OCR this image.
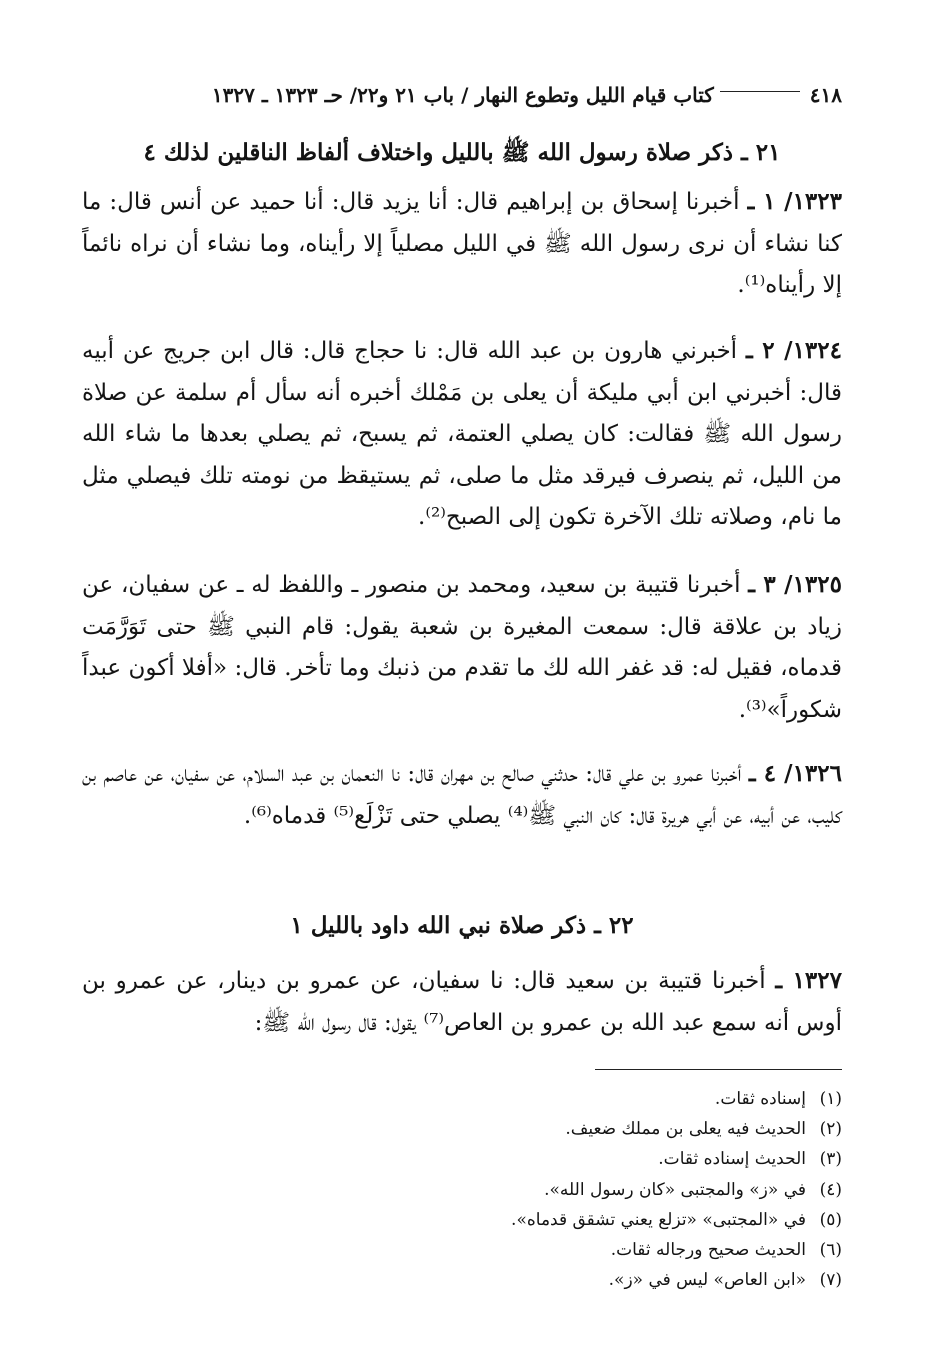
٤١٨
كتاب قيام الليل وتطوع النهار / باب ٢١ و٢٢/ حـ ١٣٢٣ ـ ١٣٢٧
٢١ ـ ذكر صلاة رسول الله ﷺ بالليل واختلاف ألفاظ الناقلين لذلك ٤
١٣٢٣/ ١ ـ أخبرنا إسحاق بن إبراهيم قال: أنا يزيد قال: أنا حميد عن أنس قال: ما كنا نشاء أن نرى رسول الله ﷺ في الليل مصلياً إلا رأيناه، وما نشاء أن نراه نائماً إلا رأيناه⁽¹⁾.
١٣٢٤/ ٢ ـ أخبرني هارون بن عبد الله قال: نا حجاج قال: قال ابن جريج عن أبيه قال: أخبرني ابن أبي مليكة أن يعلى بن مَمْلك أخبره أنه سأل أم سلمة عن صلاة رسول الله ﷺ فقالت: كان يصلي العتمة، ثم يسبح، ثم يصلي بعدها ما شاء الله من الليل، ثم ينصرف فيرقد مثل ما صلى، ثم يستيقظ من نومته تلك فيصلي مثل ما نام، وصلاته تلك الآخرة تكون إلى الصبح⁽²⁾.
١٣٢٥/ ٣ ـ أخبرنا قتيبة بن سعيد، ومحمد بن منصور ـ واللفظ له ـ عن سفيان، عن زياد بن علاقة قال: سمعت المغيرة بن شعبة يقول: قام النبي ﷺ حتى تَوَرَّمَت قدماه، فقيل له: قد غفر الله لك ما تقدم من ذنبك وما تأخر. قال: «أفلا أكون عبداً شكوراً»⁽³⁾.
١٣٢٦/ ٤ ـ أخبرنا عمرو بن علي قال: حدثني صالح بن مهران قال: نا النعمان بن عبد السلام، عن سفيان، عن عاصم بن كليب، عن أبيه، عن أبي هريرة قال: كان النبي ﷺ⁽⁴⁾ يصلي حتى تَزْلَع⁽⁵⁾ قدماه⁽⁶⁾.
٢٢ ـ ذكر صلاة نبي الله داود بالليل ١
١٣٢٧ ـ أخبرنا قتيبة بن سعيد قال: نا سفيان، عن عمرو بن دينار، عن عمرو بن أوس أنه سمع عبد الله بن عمرو بن العاص⁽⁷⁾ يقول: قال رسول الله ﷺ:
(١)إسناده ثقات.
(٢)الحديث فيه يعلى بن مملك ضعيف.
(٣)الحديث إسناده ثقات.
(٤)في «ز» والمجتبى «كان رسول الله».
(٥)في «المجتبى» «تزلع يعني تشقق قدماه».
(٦)الحديث صحيح ورجاله ثقات.
(٧)«ابن العاص» ليس في «ز».
